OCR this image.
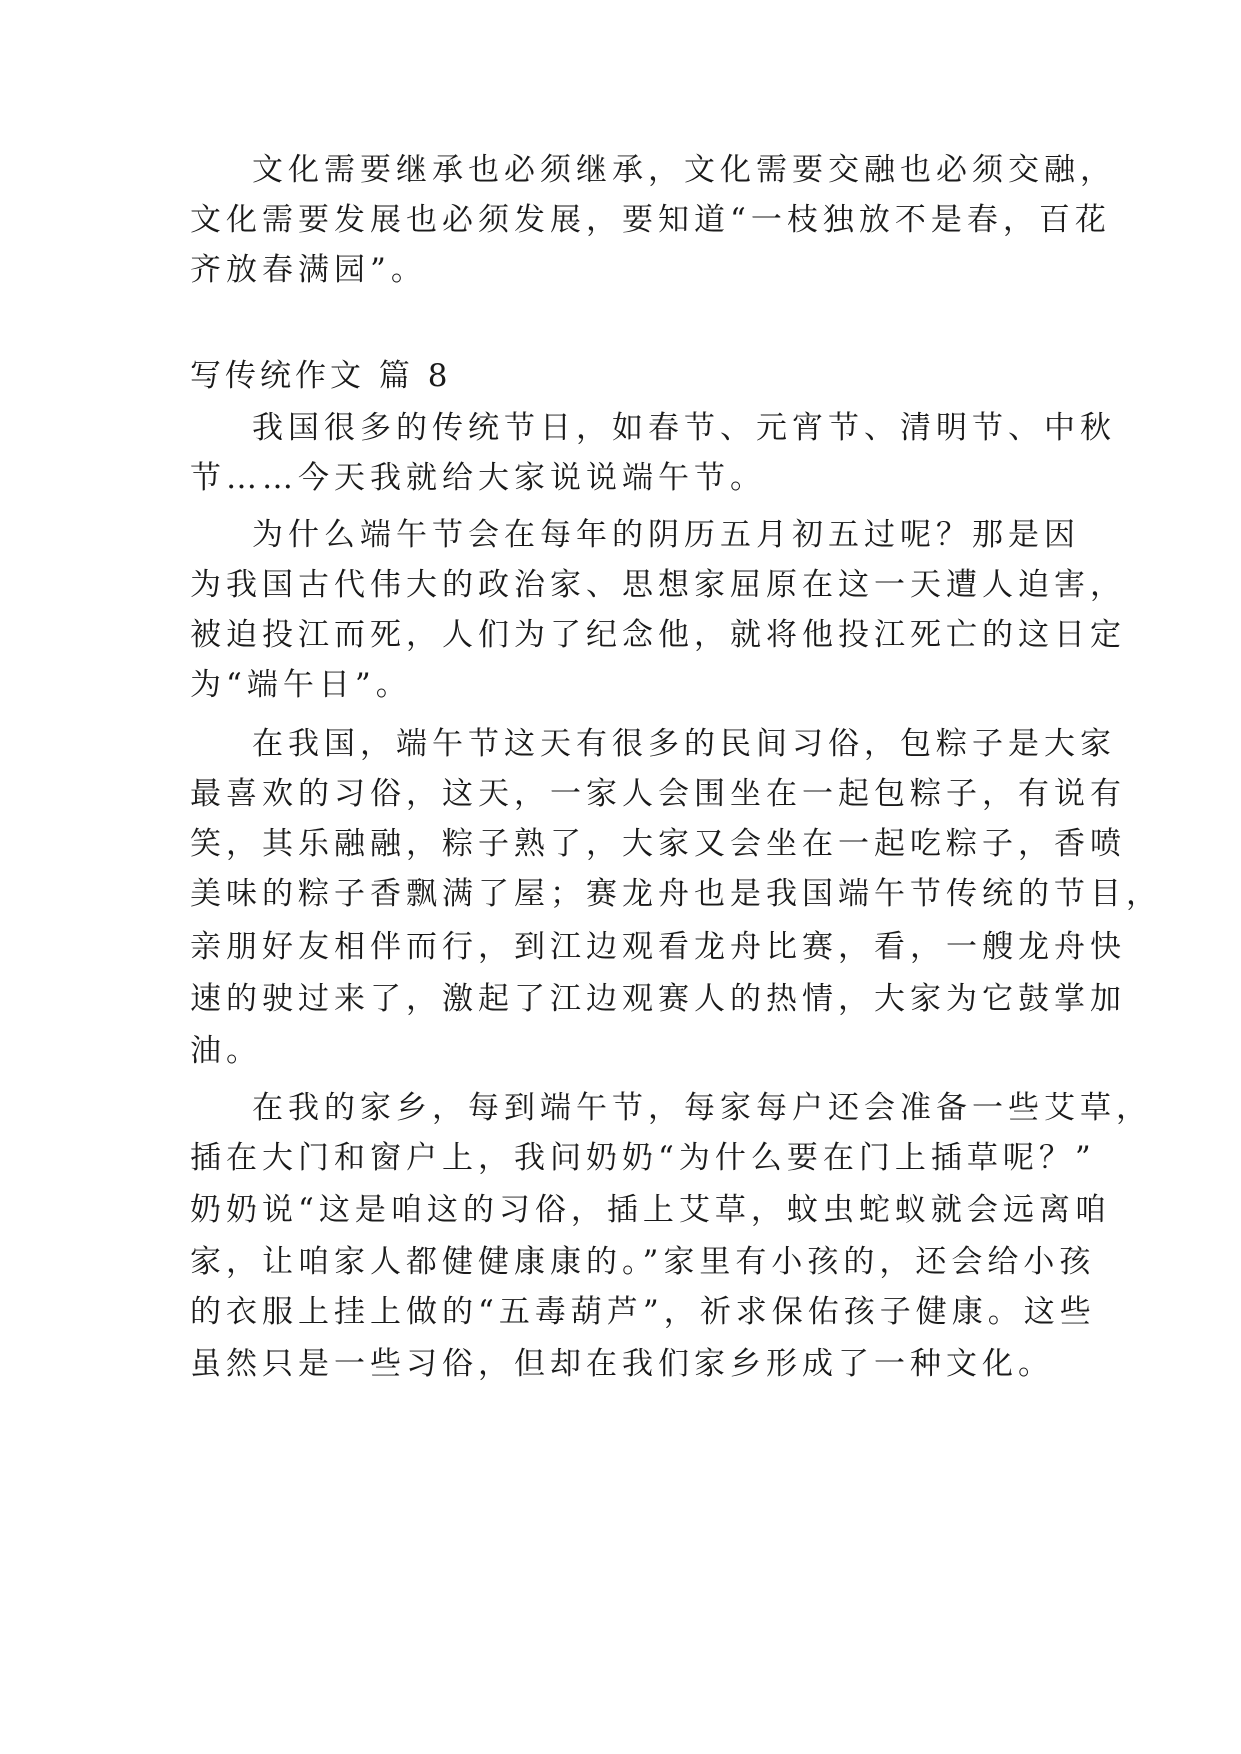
文化需要继承也必须继承，文化需要交融也必须交融，
文化需要发展也必须发展，要知道“一枝独放不是春，百花
齐放春满园”。
写传统作文 篇 8
我国很多的传统节日，如春节、元宵节、清明节、中秋
节……今天我就给大家说说端午节。
为什么端午节会在每年的阴历五月初五过呢？那是因
为我国古代伟大的政治家、思想家屈原在这一天遭人迫害，
被迫投江而死，人们为了纪念他，就将他投江死亡的这日定
为“端午日”。
在我国，端午节这天有很多的民间习俗，包粽子是大家
最喜欢的习俗，这天，一家人会围坐在一起包粽子，有说有
笑，其乐融融，粽子熟了，大家又会坐在一起吃粽子，香喷
美味的粽子香飘满了屋；赛龙舟也是我国端午节传统的节目，
亲朋好友相伴而行，到江边观看龙舟比赛，看，一艘龙舟快
速的驶过来了，激起了江边观赛人的热情，大家为它鼓掌加
油。
在我的家乡，每到端午节，每家每户还会准备一些艾草，
插在大门和窗户上，我问奶奶“为什么要在门上插草呢？”
奶奶说“这是咱这的习俗，插上艾草，蚊虫蛇蚁就会远离咱
家，让咱家人都健健康康的。”家里有小孩的，还会给小孩
的衣服上挂上做的“五毒葫芦”，祈求保佑孩子健康。这些
虽然只是一些习俗，但却在我们家乡形成了一种文化。
